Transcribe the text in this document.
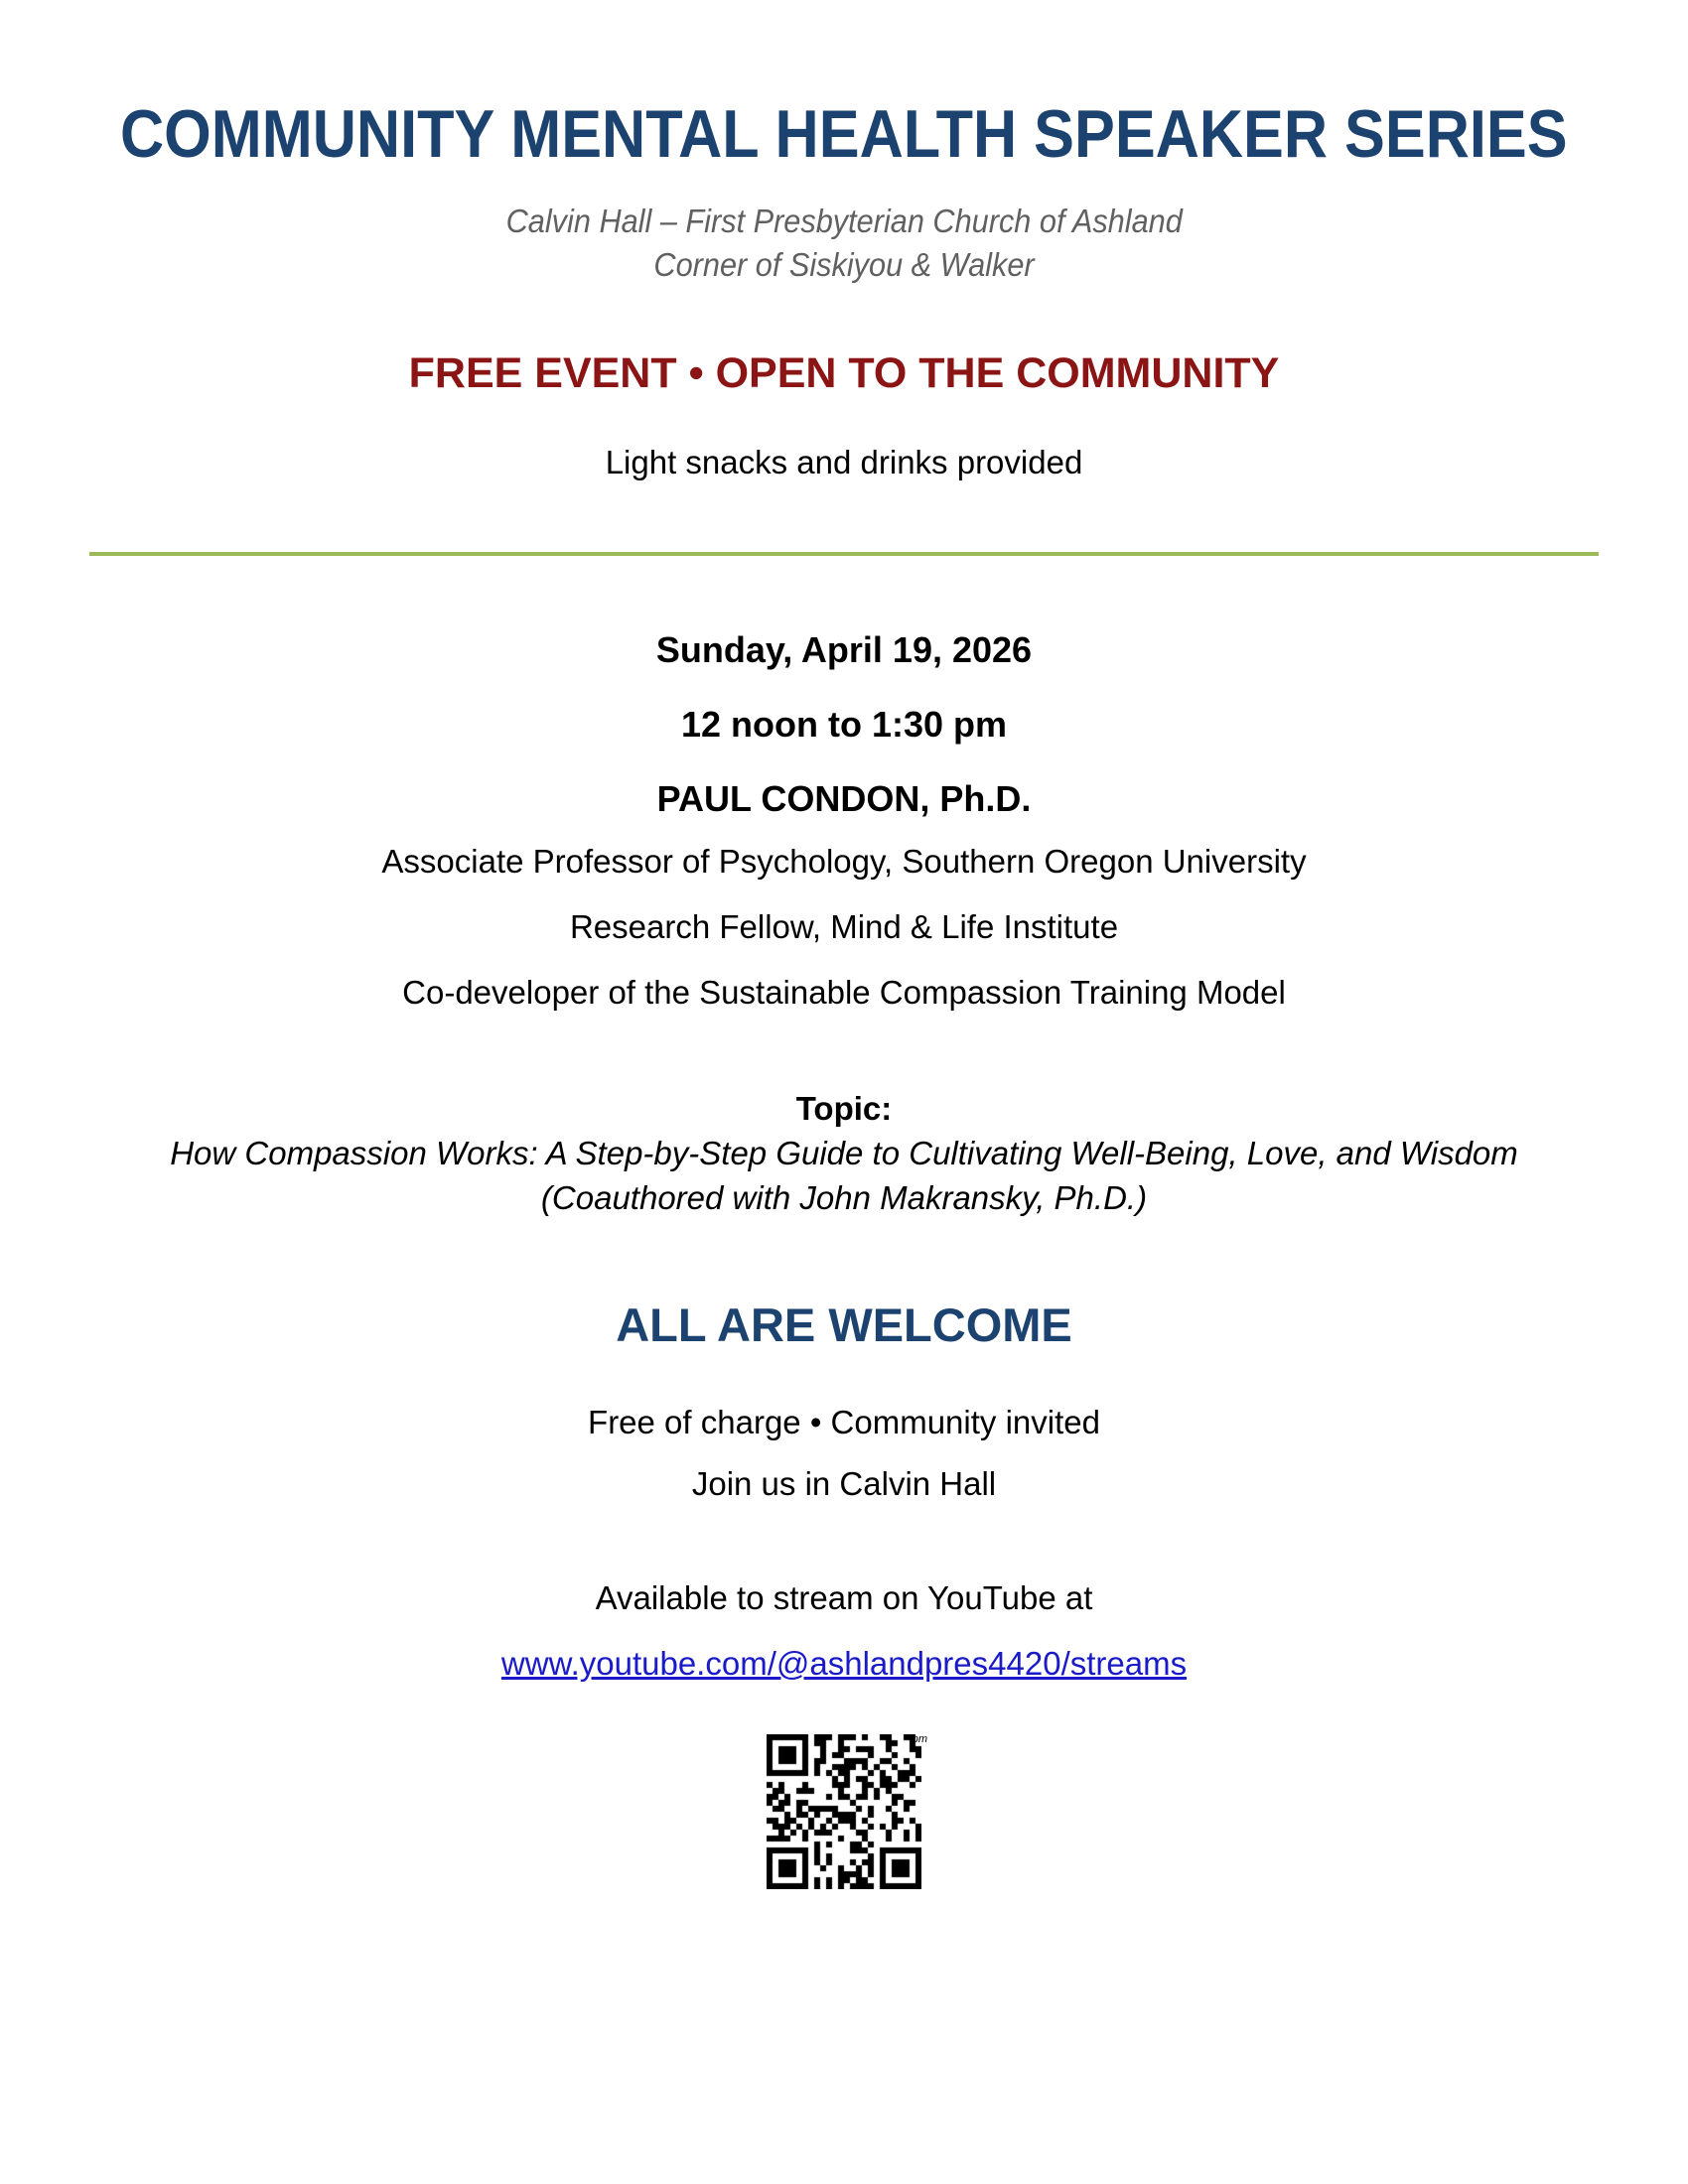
COMMUNITY MENTAL HEALTH SPEAKER SERIES
Calvin Hall – First Presbyterian Church of Ashland
Corner of Siskiyou & Walker
FREE EVENT • OPEN TO THE COMMUNITY
Light snacks and drinks provided
Sunday, April 19, 2026
12 noon to 1:30 pm
PAUL CONDON, Ph.D.
Associate Professor of Psychology, Southern Oregon University
Research Fellow, Mind & Life Institute
Co-developer of the Sustainable Compassion Training Model
Topic:
How Compassion Works: A Step-by-Step Guide to Cultivating Well-Being, Love, and Wisdom
(Coauthored with John Makransky, Ph.D.)
ALL ARE WELCOME
Free of charge • Community invited
Join us in Calvin Hall
Available to stream on YouTube at
www.youtube.com/@ashlandpres4420/streams
pm
